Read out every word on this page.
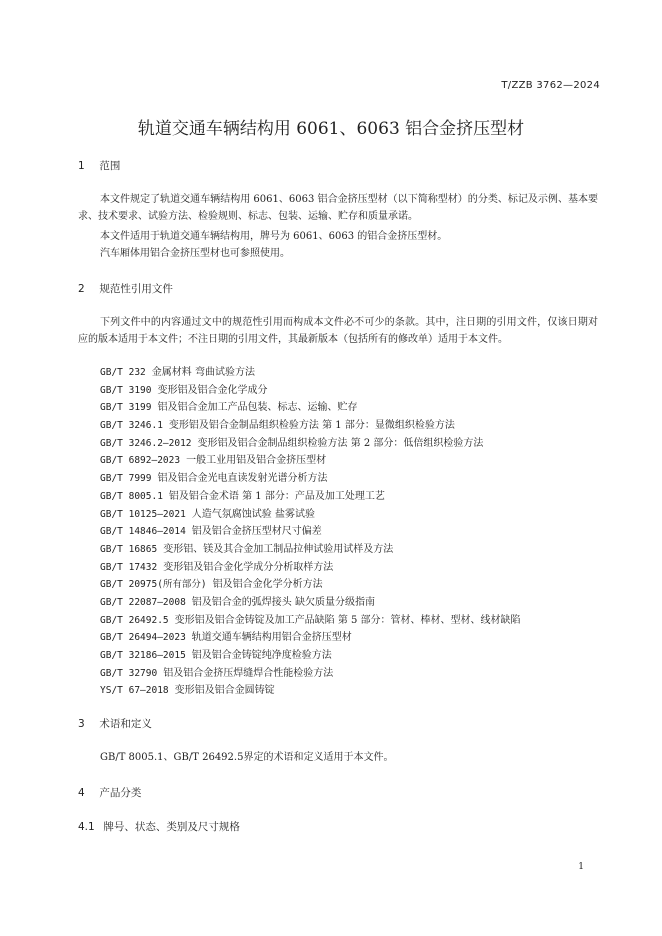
T/ZZB 3762—2024
轨道交通车辆结构用 6061、6063 铝合金挤压型材
1 范围

本文件规定了轨道交通车辆结构用 6061、6063 铝合金挤压型材（以下简称型材）的分类、标记及示例、基本要求、技术要求、试验方法、检验规则、标志、包装、运输、贮存和质量承诺。

本文件适用于轨道交通车辆结构用，牌号为 6061、6063 的铝合金挤压型材。

汽车厢体用铝合金挤压型材也可参照使用。

2 规范性引用文件

下列文件中的内容通过文中的规范性引用而构成本文件必不可少的条款。其中，注日期的引用文件，仅该日期对应的版本适用于本文件；不注日期的引用文件，其最新版本（包括所有的修改单）适用于本文件。

GB/T 232 金属材料 弯曲试验方法
GB/T 3190 变形铝及铝合金化学成分
GB/T 3199 铝及铝合金加工产品包装、标志、运输、贮存
GB/T 3246.1 变形铝及铝合金制品组织检验方法 第 1 部分：显微组织检验方法
GB/T 3246.2—2012 变形铝及铝合金制品组织检验方法 第 2 部分：低倍组织检验方法
GB/T 6892—2023 一般工业用铝及铝合金挤压型材
GB/T 7999 铝及铝合金光电直读发射光谱分析方法
GB/T 8005.1 铝及铝合金术语 第 1 部分：产品及加工处理工艺
GB/T 10125—2021 人造气氛腐蚀试验 盐雾试验
GB/T 14846—2014 铝及铝合金挤压型材尺寸偏差
GB/T 16865 变形铝、镁及其合金加工制品拉伸试验用试样及方法
GB/T 17432 变形铝及铝合金化学成分分析取样方法
GB/T 20975(所有部分) 铝及铝合金化学分析方法
GB/T 22087—2008 铝及铝合金的弧焊接头 缺欠质量分级指南
GB/T 26492.5 变形铝及铝合金铸锭及加工产品缺陷 第 5 部分：管材、棒材、型材、线材缺陷
GB/T 26494—2023 轨道交通车辆结构用铝合金挤压型材
GB/T 32186—2015 铝及铝合金铸锭纯净度检验方法
GB/T 32790 铝及铝合金挤压焊缝焊合性能检验方法
YS/T 67—2018 变形铝及铝合金圆铸锭
3 术语和定义

GB/T 8005.1、GB/T 26492.5界定的术语和定义适用于本文件。

4 产品分类
4.1 牌号、状态、类别及尺寸规格
1
